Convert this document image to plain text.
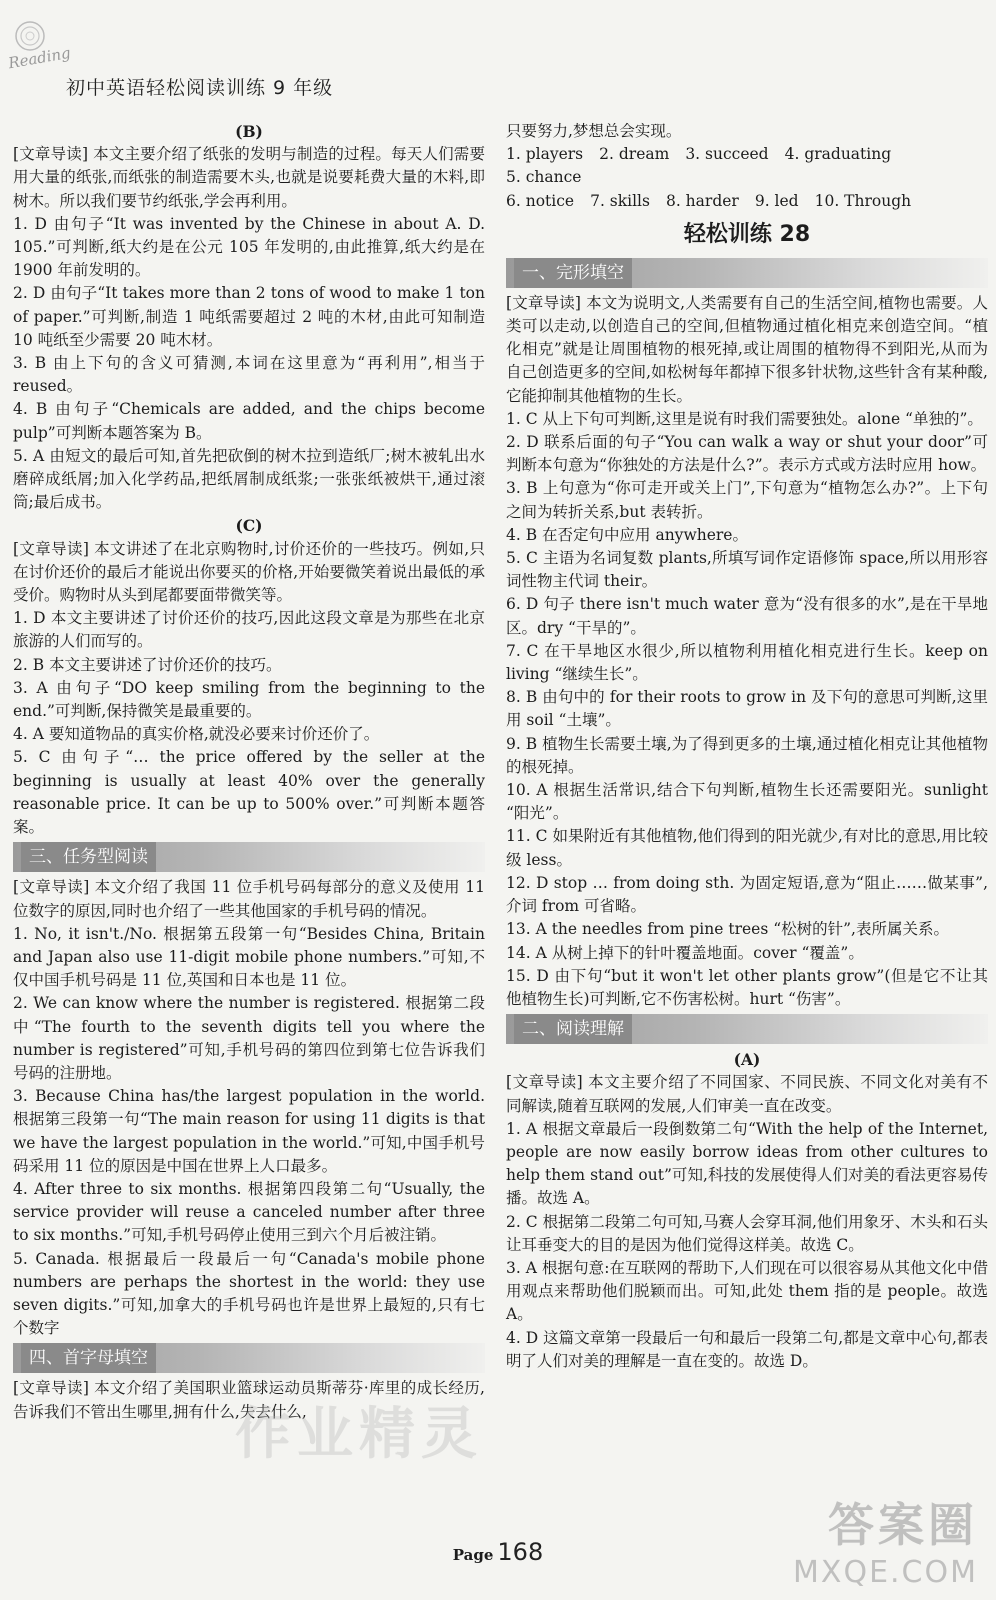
Reading
初中英语轻松阅读训练 9 年级

(B)

[文章导读] 本文主要介绍了纸张的发明与制造的过程。每天人们需要用大量的纸张,而纸张的制造需要木头,也就是说要耗费大量的木料,即树木。所以我们要节约纸张,学会再利用。

1. D 由句子“It was invented by the Chinese in about A. D. 105.”可判断,纸大约是在公元 105 年发明的,由此推算,纸大约是在 1900 年前发明的。

2. D 由句子“It takes more than 2 tons of wood to make 1 ton of paper.”可判断,制造 1 吨纸需要超过 2 吨的木材,由此可知制造 10 吨纸至少需要 20 吨木材。

3. B 由上下句的含义可猜测,本词在这里意为“再利用”,相当于 reused。

4. B 由句子“Chemicals are added, and the chips become pulp”可判断本题答案为 B。

5. A 由短文的最后可知,首先把砍倒的树木拉到造纸厂;树木被轧出水磨碎成纸屑;加入化学药品,把纸屑制成纸浆;一张张纸被烘干,通过滚筒;最后成书。

(C)

[文章导读] 本文讲述了在北京购物时,讨价还价的一些技巧。例如,只在讨价还价的最后才能说出你要买的价格,开始要微笑着说出最低的承受价。购物时从头到尾都要面带微笑等。

1. D 本文主要讲述了讨价还价的技巧,因此这段文章是为那些在北京旅游的人们而写的。

2. B 本文主要讲述了讨价还价的技巧。

3. A 由句子“DO keep smiling from the beginning to the end.”可判断,保持微笑是最重要的。

4. A 要知道物品的真实价格,就没必要来讨价还价了。

5. C 由句子“… the price offered by the seller at the beginning is usually at least 40% over the generally reasonable price. It can be up to 500% over.”可判断本题答案。

三、任务型阅读

[文章导读] 本文介绍了我国 11 位手机号码每部分的意义及使用 11 位数字的原因,同时也介绍了一些其他国家的手机号码的情况。

1. No, it isn't./No. 根据第五段第一句“Besides China, Britain and Japan also use 11-digit mobile phone numbers.”可知,不仅中国手机号码是 11 位,英国和日本也是 11 位。

2. We can know where the number is registered. 根据第二段中“The fourth to the seventh digits tell you where the number is registered”可知,手机号码的第四位到第七位告诉我们号码的注册地。

3. Because China has/the largest population in the world. 根据第三段第一句“The main reason for using 11 digits is that we have the largest population in the world.”可知,中国手机号码采用 11 位的原因是中国在世界上人口最多。

4. After three to six months. 根据第四段第二句“Usually, the service provider will reuse a canceled number after three to six months.”可知,手机号码停止使用三到六个月后被注销。

5. Canada. 根据最后一段最后一句“Canada's mobile phone numbers are perhaps the shortest in the world: they use seven digits.”可知,加拿大的手机号码也许是世界上最短的,只有七个数字

四、首字母填空

[文章导读] 本文介绍了美国职业篮球运动员斯蒂芬·库里的成长经历,告诉我们不管出生哪里,拥有什么,失去什么,

只要努力,梦想总会实现。

1. players 2. dream 3. succeed 4. graduating
5. chance
6. notice 7. skills 8. harder 9. led 10. Through

轻松训练 28

一、完形填空

[文章导读] 本文为说明文,人类需要有自己的生活空间,植物也需要。人类可以走动,以创造自己的空间,但植物通过植化相克来创造空间。“植化相克”就是让周围植物的根死掉,或让周围的植物得不到阳光,从而为自己创造更多的空间,如松树每年都掉下很多针状物,这些针含有某种酸,它能抑制其他植物的生长。

1. C 从上下句可判断,这里是说有时我们需要独处。alone “单独的”。

2. D 联系后面的句子“You can walk a way or shut your door”可判断本句意为“你独处的方法是什么?”。表示方式或方法时应用 how。

3. B 上句意为“你可走开或关上门”,下句意为“植物怎么办?”。上下句之间为转折关系,but 表转折。

4. B 在否定句中应用 anywhere。

5. C 主语为名词复数 plants,所填写词作定语修饰 space,所以用形容词性物主代词 their。

6. D 句子 there isn't much water 意为“没有很多的水”,是在干旱地区。dry “干旱的”。

7. C 在干旱地区水很少,所以植物利用植化相克进行生长。keep on living “继续生长”。

8. B 由句中的 for their roots to grow in 及下句的意思可判断,这里用 soil “土壤”。

9. B 植物生长需要土壤,为了得到更多的土壤,通过植化相克让其他植物的根死掉。

10. A 根据生活常识,结合下句判断,植物生长还需要阳光。sunlight “阳光”。

11. C 如果附近有其他植物,他们得到的阳光就少,有对比的意思,用比较级 less。

12. D stop … from doing sth. 为固定短语,意为“阻止……做某事”,介词 from 可省略。

13. A the needles from pine trees “松树的针”,表所属关系。

14. A 从树上掉下的针叶覆盖地面。cover “覆盖”。

15. D 由下句“but it won't let other plants grow”(但是它不让其他植物生长)可判断,它不伤害松树。hurt “伤害”。

二、阅读理解

(A)

[文章导读] 本文主要介绍了不同国家、不同民族、不同文化对美有不同解读,随着互联网的发展,人们审美一直在改变。

1. A 根据文章最后一段倒数第二句“With the help of the Internet, people are now easily borrow ideas from other cultures to help them stand out”可知,科技的发展使得人们对美的看法更容易传播。故选 A。

2. C 根据第二段第二句可知,马赛人会穿耳洞,他们用象牙、木头和石头让耳垂变大的目的是因为他们觉得这样美。故选 C。

3. A 根据句意:在互联网的帮助下,人们现在可以很容易从其他文化中借用观点来帮助他们脱颖而出。可知,此处 them 指的是 people。故选 A。

4. D 这篇文章第一段最后一句和最后一段第二句,都是文章中心句,都表明了人们对美的理解是一直在变的。故选 D。

作业精灵
Page 168	答案圈
MXQE.COM
